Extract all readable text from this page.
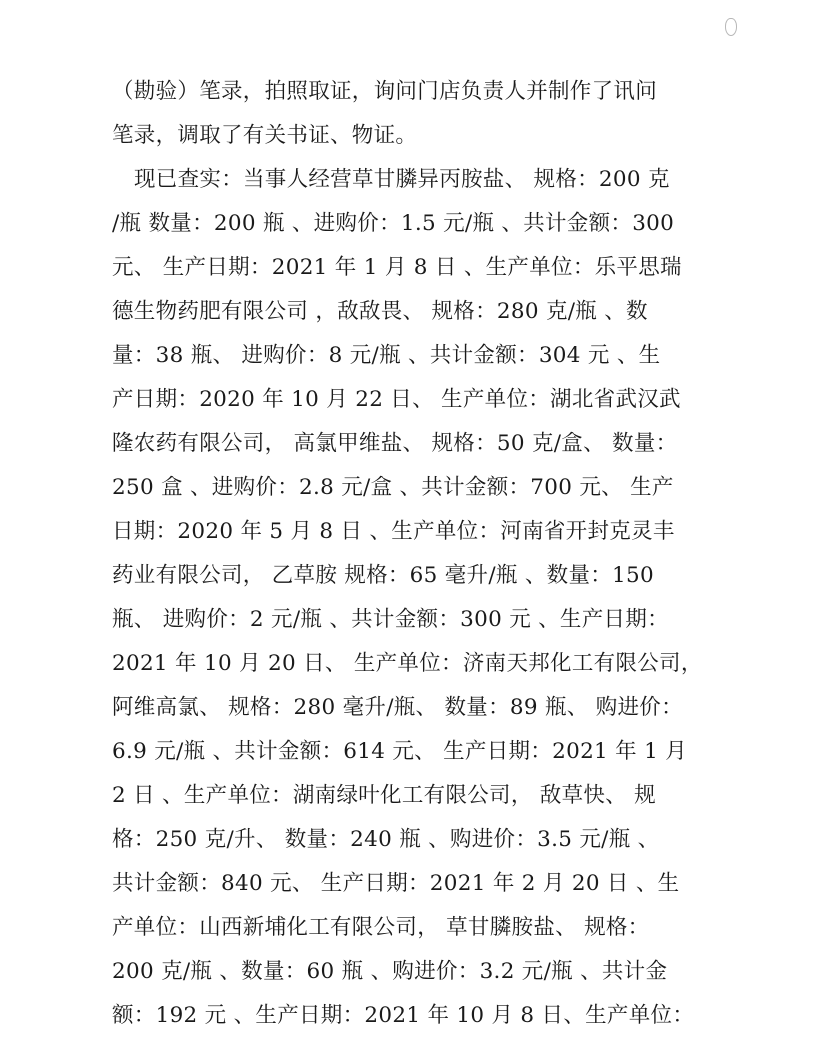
（勘验）笔录，拍照取证，询问门店负责人并制作了讯问
笔录，调取了有关书证、物证。
现已查实：当事人经营草甘膦异丙胺盐、 规格：200 克
/瓶 数量：200 瓶 、进购价：1.5 元/瓶 、共计金额：300
元、 生产日期：2021 年 1 月 8 日 、生产单位：乐平思瑞
德生物药肥有限公司 ，敌敌畏、 规格：280 克/瓶 、数
量：38 瓶、 进购价：8 元/瓶 、共计金额：304 元 、生
产日期：2020 年 10 月 22 日、 生产单位：湖北省武汉武
隆农药有限公司， 高氯甲维盐、 规格：50 克/盒、 数量：
250 盒 、进购价：2.8 元/盒 、共计金额：700 元、 生产
日期：2020 年 5 月 8 日 、生产单位：河南省开封克灵丰
药业有限公司， 乙草胺 规格：65 毫升/瓶 、数量：150
瓶、 进购价：2 元/瓶 、共计金额：300 元 、生产日期：
2021 年 10 月 20 日、 生产单位：济南天邦化工有限公司，
阿维高氯、 规格：280 毫升/瓶、 数量：89 瓶、 购进价：
6.9 元/瓶 、共计金额：614 元、 生产日期：2021 年 1 月
2 日 、生产单位：湖南绿叶化工有限公司， 敌草快、 规
格：250 克/升、 数量：240 瓶 、购进价：3.5 元/瓶 、
共计金额：840 元、 生产日期：2021 年 2 月 20 日 、生
产单位：山西新埔化工有限公司， 草甘膦胺盐、 规格：
200 克/瓶 、数量：60 瓶 、购进价：3.2 元/瓶 、共计金
额：192 元 、生产日期：2021 年 10 月 8 日、生产单位：
